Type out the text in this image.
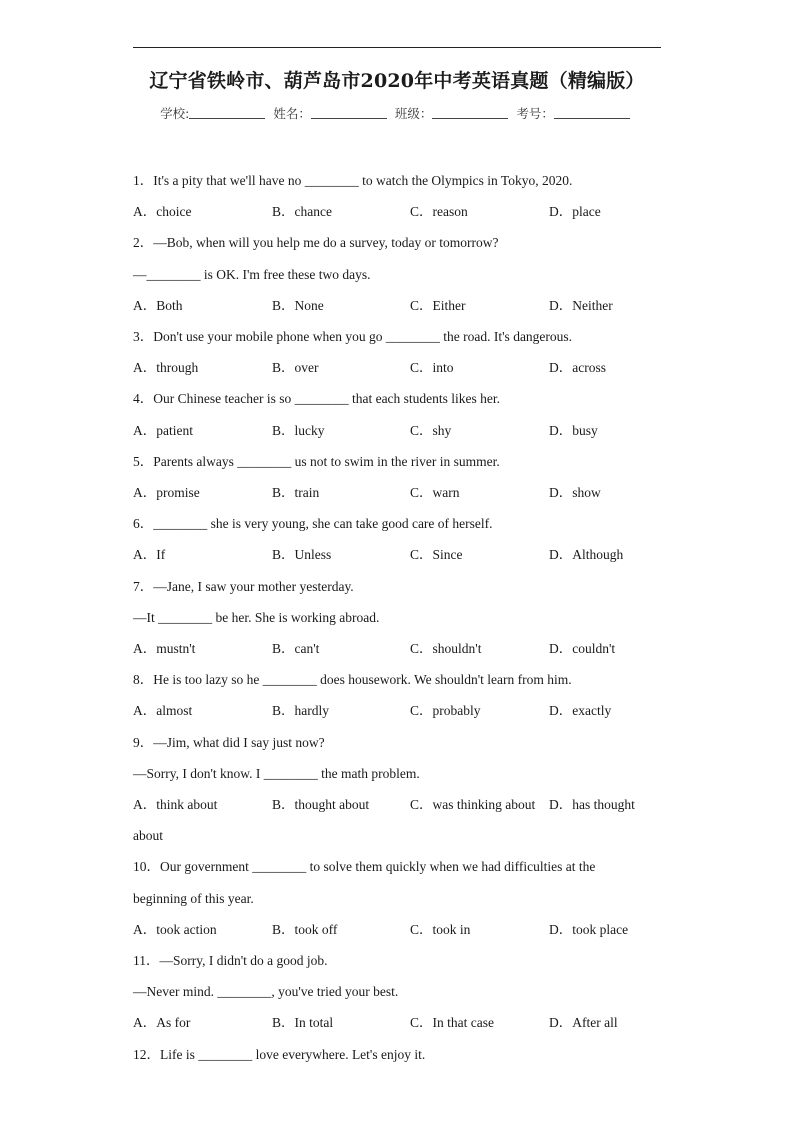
辽宁省铁岭市、葫芦岛市2020年中考英语真题（精编版）
学校:	姓名：	班级：	考号：
1．It's a pity that we'll have no ________ to watch the Olympics in Tokyo, 2020.
A．choice	B．chance	C．reason	D．place
2．—Bob, when will you help me do a survey, today or tomorrow?
—________ is OK. I'm free these two days.
A．Both	B．None	C．Either	D．Neither
3．Don't use your mobile phone when you go ________ the road. It's dangerous.
A．through	B．over	C．into	D．across
4．Our Chinese teacher is so ________ that each students likes her.
A．patient	B．lucky	C．shy	D．busy
5．Parents always ________ us not to swim in the river in summer.
A．promise	B．train	C．warn	D．show
6．________ she is very young, she can take good care of herself.
A．If	B．Unless	C．Since	D．Although
7．—Jane, I saw your mother yesterday.
—It ________ be her. She is working abroad.
A．mustn't	B．can't	C．shouldn't	D．couldn't
8．He is too lazy so he ________ does housework. We shouldn't learn from him.
A．almost	B．hardly	C．probably	D．exactly
9．—Jim, what did I say just now?
—Sorry, I don't know. I ________ the math problem.
A．think about	B．thought about	C．was thinking about D．has thought
about
10．Our government ________ to solve them quickly when we had difficulties at the
beginning of this year.
A．took action	B．took off	C．took in	D．took place
11．—Sorry, I didn't do a good job.
—Never mind. ________, you've tried your best.
A．As for	B．In total	C．In that case	D．After all
12．Life is ________ love everywhere. Let's enjoy it.
